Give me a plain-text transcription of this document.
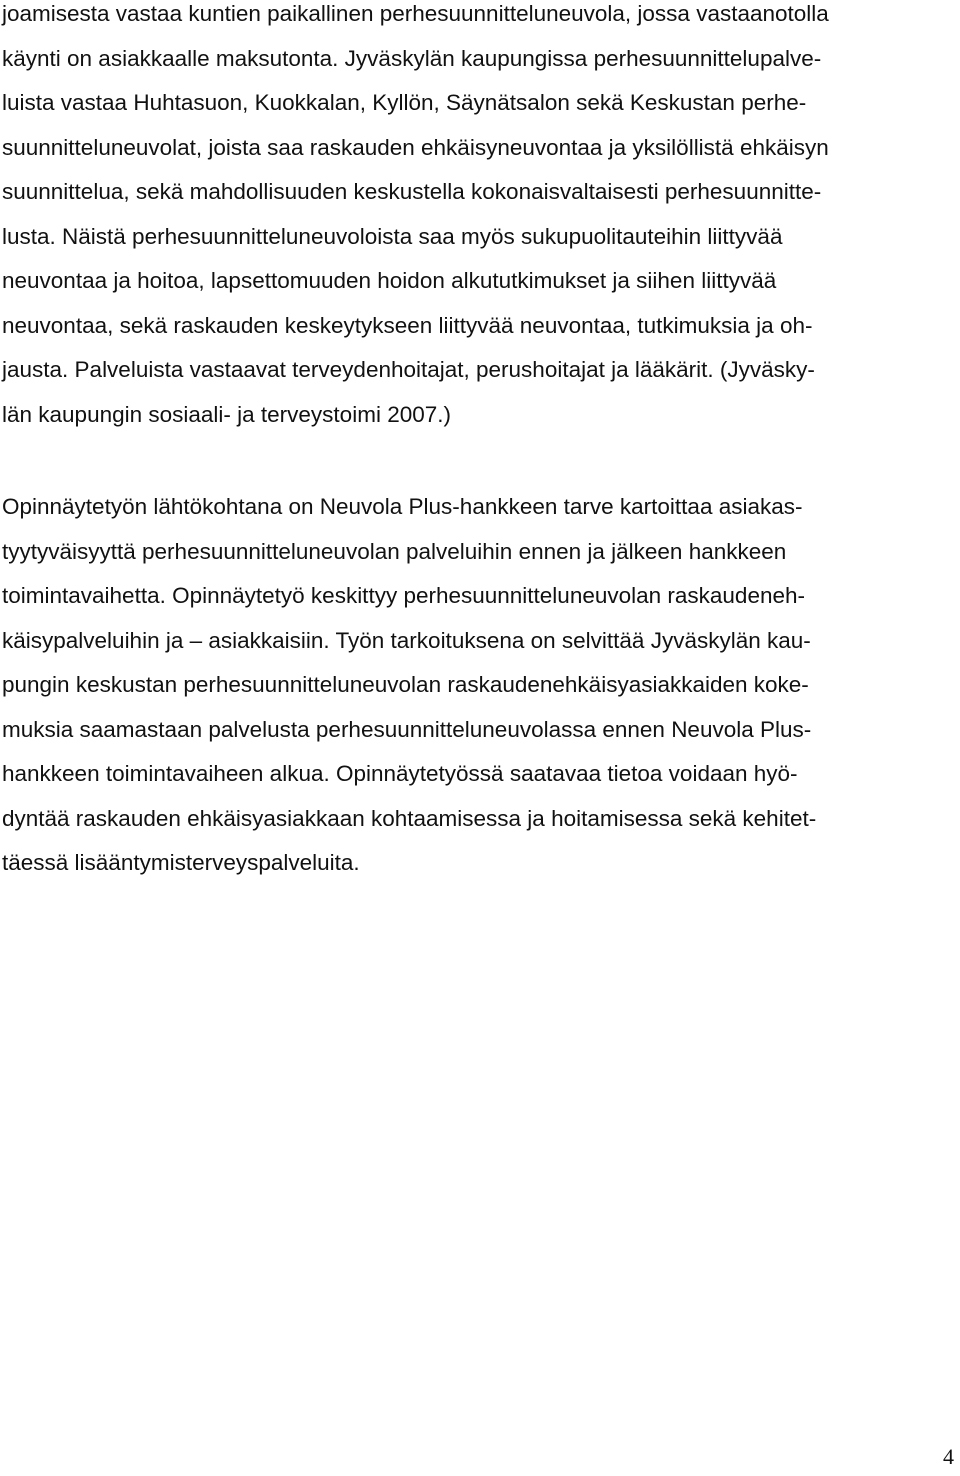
joamisesta vastaa kuntien paikallinen perhesuunnitteluneuvola, jossa vastaanotolla
käynti on asiakkaalle maksutonta. Jyväskylän kaupungissa perhesuunnittelupalve-
luista vastaa Huhtasuon, Kuokkalan, Kyllön, Säynätsalon sekä Keskustan perhe-
suunnitteluneuvolat, joista saa raskauden ehkäisyneuvontaa ja yksilöllistä ehkäisyn
suunnittelua, sekä mahdollisuuden keskustella kokonaisvaltaisesti perhesuunnitte-
lusta. Näistä perhesuunnitteluneuvoloista saa myös sukupuolitauteihin liittyvää
neuvontaa ja hoitoa, lapsettomuuden hoidon alkututkimukset ja siihen liittyvää
neuvontaa, sekä raskauden keskeytykseen liittyvää neuvontaa, tutkimuksia ja oh-
jausta. Palveluista vastaavat terveydenhoitajat, perushoitajat ja lääkärit. (Jyväsky-
län kaupungin sosiaali- ja terveystoimi 2007.)

Opinnäytetyön lähtökohtana on Neuvola Plus-hankkeen tarve kartoittaa asiakas-
tyytyväisyyttä perhesuunnitteluneuvolan palveluihin ennen ja jälkeen hankkeen
toimintavaihetta. Opinnäytetyö keskittyy perhesuunnitteluneuvolan raskaudeneh-
käisypalveluihin ja – asiakkaisiin. Työn tarkoituksena on selvittää Jyväskylän kau-
pungin keskustan perhesuunnitteluneuvolan raskaudenehkäisyasiakkaiden koke-
muksia saamastaan palvelusta perhesuunnitteluneuvolassa ennen Neuvola Plus-
hankkeen toimintavaiheen alkua. Opinnäytetyössä saatavaa tietoa voidaan hyö-
dyntää raskauden ehkäisyasiakkaan kohtaamisessa ja hoitamisessa sekä kehitet-
täessä lisääntymisterveyspalveluita.

4
